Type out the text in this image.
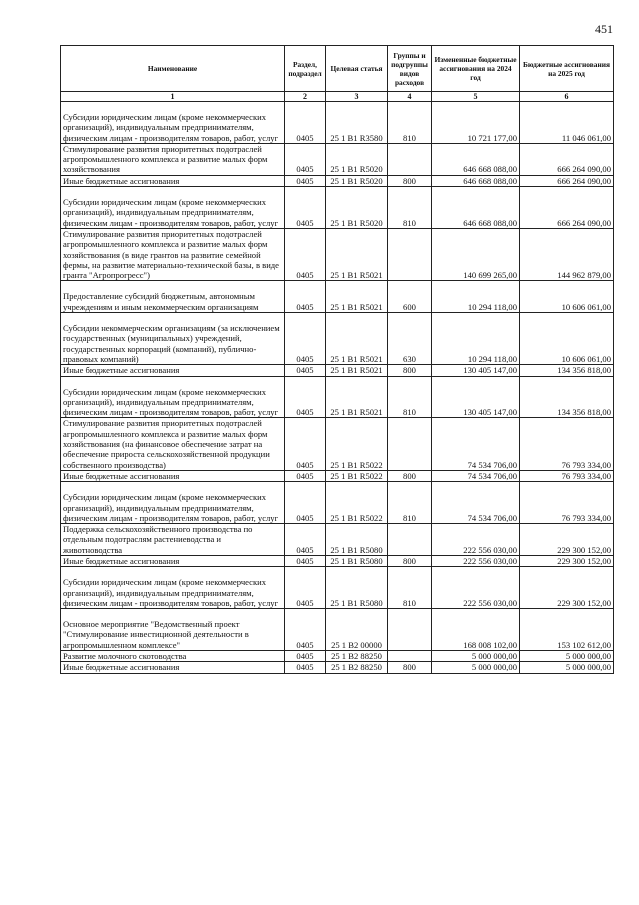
451
Наименование	Раздел, подраздел	Целевая статья	Группы и подгруппы видов расходов	Измененные бюджетные ассигнования на 2024 год	Бюджетные ассигнования на 2025 год
1	2	3	4	5	6
Субсидии юридическим лицам (кроме некоммерческих организаций), индивидуальным предпринимателям, физическим лицам - производителям товаров, работ, услуг	0405	25 1 B1 R3580	810	10 721 177,00	11 046 061,00
Стимулирование развития приоритетных подотраслей агропромышленного комплекса и развитие малых форм хозяйствования	0405	25 1 B1 R5020		646 668 088,00	666 264 090,00
Иные бюджетные ассигнования	0405	25 1 B1 R5020	800	646 668 088,00	666 264 090,00
Субсидии юридическим лицам (кроме некоммерческих организаций), индивидуальным предпринимателям, физическим лицам - производителям товаров, работ, услуг	0405	25 1 B1 R5020	810	646 668 088,00	666 264 090,00
Стимулирование развития приоритетных подотраслей агропромышленного комплекса и развитие малых форм хозяйствования (в виде грантов на развитие семейной фермы, на развитие материально-технической базы, в виде гранта "Агропрогресс")	0405	25 1 B1 R5021		140 699 265,00	144 962 879,00
Предоставление субсидий бюджетным, автономным учреждениям и иным некоммерческим организациям	0405	25 1 B1 R5021	600	10 294 118,00	10 606 061,00
Субсидии некоммерческим организациям (за исключением государственных (муниципальных) учреждений, государственных корпораций (компаний), публично-правовых компаний)	0405	25 1 B1 R5021	630	10 294 118,00	10 606 061,00
Иные бюджетные ассигнования	0405	25 1 B1 R5021	800	130 405 147,00	134 356 818,00
Субсидии юридическим лицам (кроме некоммерческих организаций), индивидуальным предпринимателям, физическим лицам - производителям товаров, работ, услуг	0405	25 1 B1 R5021	810	130 405 147,00	134 356 818,00
Стимулирование развития приоритетных подотраслей агропромышленного комплекса и развитие малых форм хозяйствования (на финансовое обеспечение затрат на обеспечение прироста сельскохозяйственной продукции собственного производства)	0405	25 1 B1 R5022		74 534 706,00	76 793 334,00
Иные бюджетные ассигнования	0405	25 1 B1 R5022	800	74 534 706,00	76 793 334,00
Субсидии юридическим лицам (кроме некоммерческих организаций), индивидуальным предпринимателям, физическим лицам - производителям товаров, работ, услуг	0405	25 1 B1 R5022	810	74 534 706,00	76 793 334,00
Поддержка сельскохозяйственного производства по отдельным подотраслям растениеводства и животноводства	0405	25 1 B1 R5080		222 556 030,00	229 300 152,00
Иные бюджетные ассигнования	0405	25 1 B1 R5080	800	222 556 030,00	229 300 152,00
Субсидии юридическим лицам (кроме некоммерческих организаций), индивидуальным предпринимателям, физическим лицам - производителям товаров, работ, услуг	0405	25 1 B1 R5080	810	222 556 030,00	229 300 152,00
Основное мероприятие "Ведомственный проект "Стимулирование инвестиционной деятельности в агропромышленном комплексе"	0405	25 1 B2 00000		168 008 102,00	153 102 612,00
Развитие молочного скотоводства	0405	25 1 B2 88250		5 000 000,00	5 000 000,00
Иные бюджетные ассигнования	0405	25 1 B2 88250	800	5 000 000,00	5 000 000,00
